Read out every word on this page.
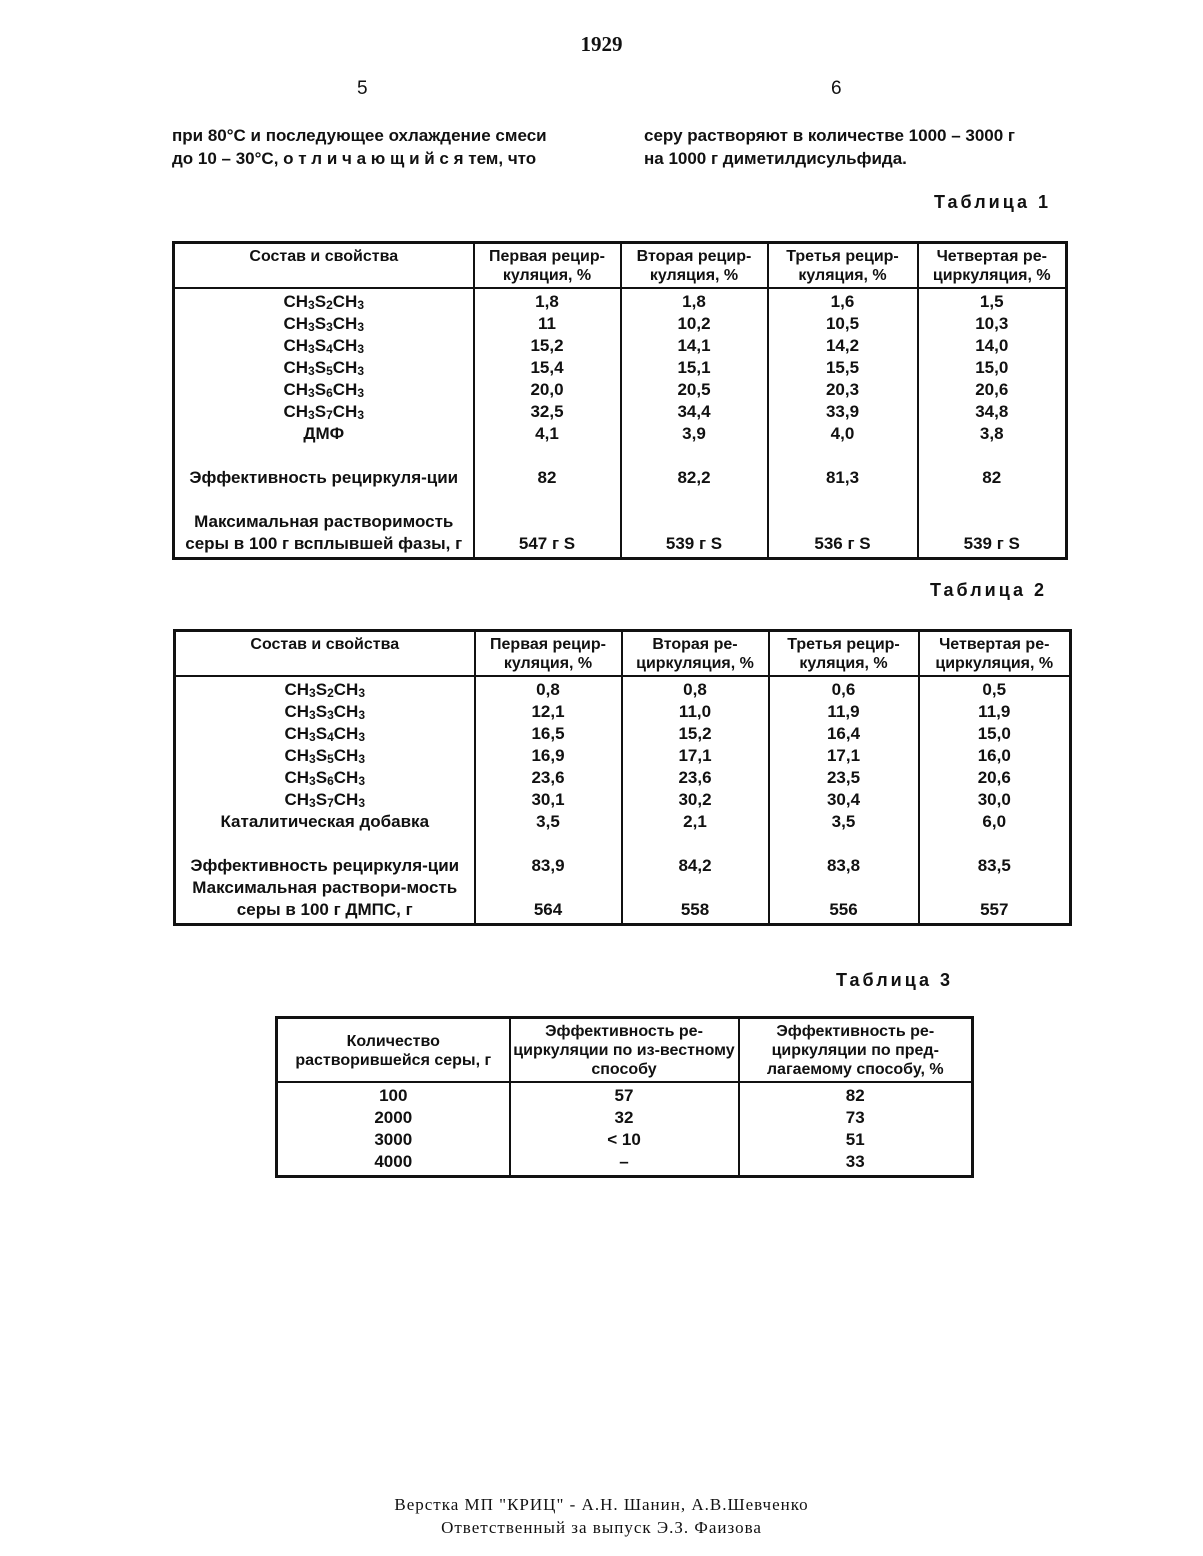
1929
5	6
при 80°С и последующее охлаждение смеси
до 10 – 30°С, о т л и ч а ю щ и й с я тем, что
серу растворяют в количестве 1000 – 3000 г
на 1000 г диметилдисульфида.
Таблица 1
Состав и свойства	Первая рецир-куляция, %	Вторая рецир-куляция, %	Третья рецир-куляция, %	Четвертая ре-циркуляция, %
$CH_3S_2CH_3$	1,8	1,8	1,6	1,5
$CH_3S_3CH_3$	11	10,2	10,5	10,3
$CH_3S_4CH_3$	15,2	14,1	14,2	14,0
$CH_3S_5CH_3$	15,4	15,1	15,5	15,0
$CH_3S_6CH_3$	20,0	20,5	20,3	20,6
$CH_3S_7CH_3$	32,5	34,4	33,9	34,8
ДМФ	4,1	3,9	4,0	3,8
Эффективность рециркуля-ции	82	82,2	81,3	82
Максимальная растворимость серы в 100 г всплывшей фазы, г	547 г S	539 г S	536 г S	539 г S
Таблица 2
Состав и свойства	Первая рецир-куляция, %	Вторая ре-циркуляция, %	Третья рецир-куляция, %	Четвертая ре-циркуляция, %
$CH_3S_2CH_3$	0,8	0,8	0,6	0,5
$CH_3S_3CH_3$	12,1	11,0	11,9	11,9
$CH_3S_4CH_3$	16,5	15,2	16,4	15,0
$CH_3S_5CH_3$	16,9	17,1	17,1	16,0
$CH_3S_6CH_3$	23,6	23,6	23,5	20,6
$CH_3S_7CH_3$	30,1	30,2	30,4	30,0
Каталитическая добавка	3,5	2,1	3,5	6,0
Эффективность рециркуля-ции	83,9	84,2	83,8	83,5
Максимальная раствори-мость серы в 100 г ДМПС, г	564	558	556	557
Таблица 3
Количество растворившейся серы, г	Эффективность ре-циркуляции по из-вестному способу	Эффективность ре-циркуляции по пред-лагаемому способу, %
100	57	82
2000	32	73
3000	< 10	51
4000	–	33
Верстка МП "КРИЦ" - А.Н. Шанин, А.В.Шевченко
Ответственный за выпуск Э.З. Фаизова
